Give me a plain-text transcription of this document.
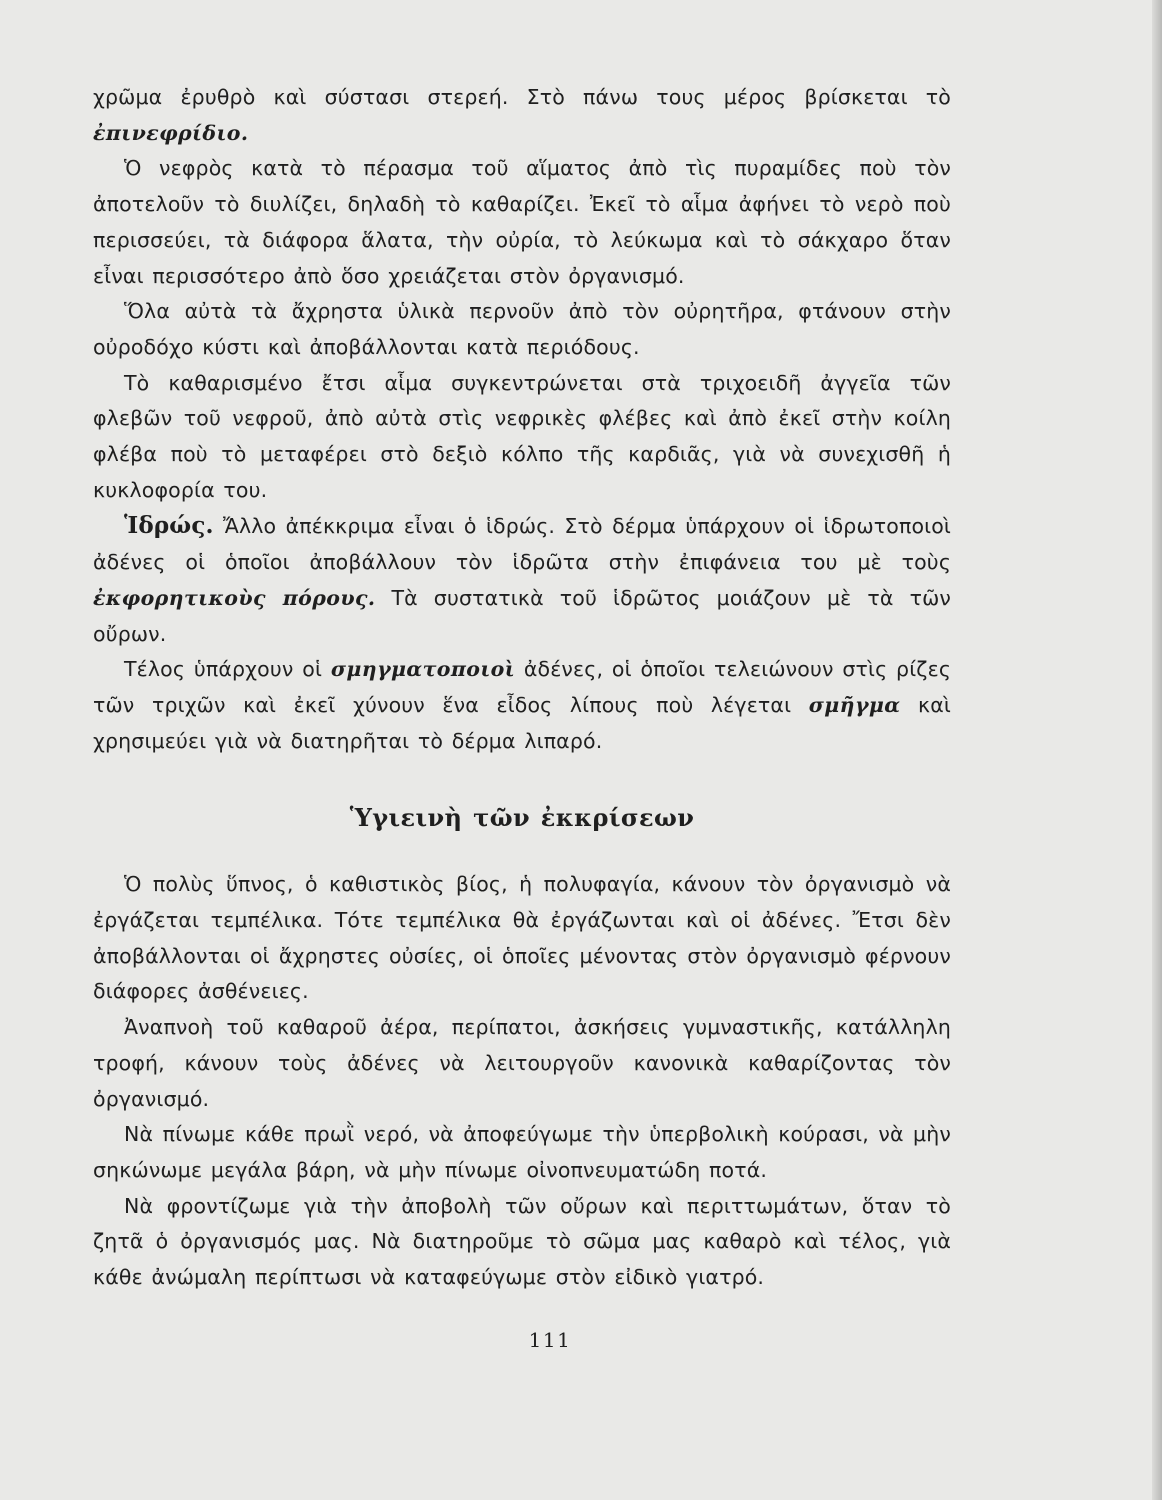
χρῶμα ἐρυθρὸ καὶ σύστασι στερεή. Στὸ πάνω τους μέρος βρίσκεται τὸ ἐπινεφρίδιο.

Ὁ νεφρὸς κατὰ τὸ πέρασμα τοῦ αἵματος ἀπὸ τὶς πυραμίδες ποὺ τὸν ἀποτελοῦν τὸ διυλίζει, δηλαδὴ τὸ καθαρίζει. Ἐκεῖ τὸ αἷμα ἀφήνει τὸ νερὸ ποὺ περισσεύει, τὰ διάφορα ἅλατα, τὴν οὐρία, τὸ λεύκωμα καὶ τὸ σάκχαρο ὅταν εἶναι περισσότερο ἀπὸ ὅσο χρειάζεται στὸν ὀργανισμό.

Ὅλα αὐτὰ τὰ ἄχρηστα ὑλικὰ περνοῦν ἀπὸ τὸν οὐρητῆρα, φτάνουν στὴν οὐροδόχο κύστι καὶ ἀποβάλλονται κατὰ περιόδους.

Τὸ καθαρισμένο ἔτσι αἷμα συγκεντρώνεται στὰ τριχοειδῆ ἀγγεῖα τῶν φλεβῶν τοῦ νεφροῦ, ἀπὸ αὐτὰ στὶς νεφρικὲς φλέβες καὶ ἀπὸ ἐκεῖ στὴν κοίλη φλέβα ποὺ τὸ μεταφέρει στὸ δεξιὸ κόλπο τῆς καρδιᾶς, γιὰ νὰ συνεχισθῆ ἡ κυκλοφορία του.

Ἱδρώς. Ἄλλο ἀπέκκριμα εἶναι ὁ ἱδρώς. Στὸ δέρμα ὑπάρχουν οἱ ἱδρωτοποιοὶ ἀδένες οἱ ὁποῖοι ἀποβάλλουν τὸν ἱδρῶτα στὴν ἐπιφάνεια του μὲ τοὺς ἐκφορητικοὺς πόρους. Τὰ συστατικὰ τοῦ ἱδρῶτος μοιάζουν μὲ τὰ τῶν οὔρων.

Τέλος ὑπάρχουν οἱ σμηγματοποιοὶ ἀδένες, οἱ ὁποῖοι τελειώνουν στὶς ρίζες τῶν τριχῶν καὶ ἐκεῖ χύνουν ἕνα εἶδος λίπους ποὺ λέγεται σμῆγμα καὶ χρησιμεύει γιὰ νὰ διατηρῆται τὸ δέρμα λιπαρό.

Ὑγιεινὴ τῶν ἐκκρίσεων

Ὁ πολὺς ὕπνος, ὁ καθιστικὸς βίος, ἡ πολυφαγία, κάνουν τὸν ὀργανισμὸ νὰ ἐργάζεται τεμπέλικα. Τότε τεμπέλικα θὰ ἐργάζωνται καὶ οἱ ἀδένες. Ἔτσι δὲν ἀποβάλλονται οἱ ἄχρηστες οὐσίες, οἱ ὁποῖες μένοντας στὸν ὀργανισμὸ φέρνουν διάφορες ἀσθένειες.

Ἀναπνοὴ τοῦ καθαροῦ ἀέρα, περίπατοι, ἀσκήσεις γυμναστικῆς, κατάλληλη τροφή, κάνουν τοὺς ἀδένες νὰ λειτουργοῦν κανονικὰ καθαρίζοντας τὸν ὀργανισμό.

Νὰ πίνωμε κάθε πρωῒ νερό, νὰ ἀποφεύγωμε τὴν ὑπερβολικὴ κούρασι, νὰ μὴν σηκώνωμε μεγάλα βάρη, νὰ μὴν πίνωμε οἰνοπνευματώδη ποτά.

Νὰ φροντίζωμε γιὰ τὴν ἀποβολὴ τῶν οὔρων καὶ περιττωμάτων, ὅταν τὸ ζητᾶ ὁ ὀργανισμός μας. Νὰ διατηροῦμε τὸ σῶμα μας καθαρὸ καὶ τέλος, γιὰ κάθε ἀνώμαλη περίπτωσι νὰ καταφεύγωμε στὸν εἰδικὸ γιατρό.

111
